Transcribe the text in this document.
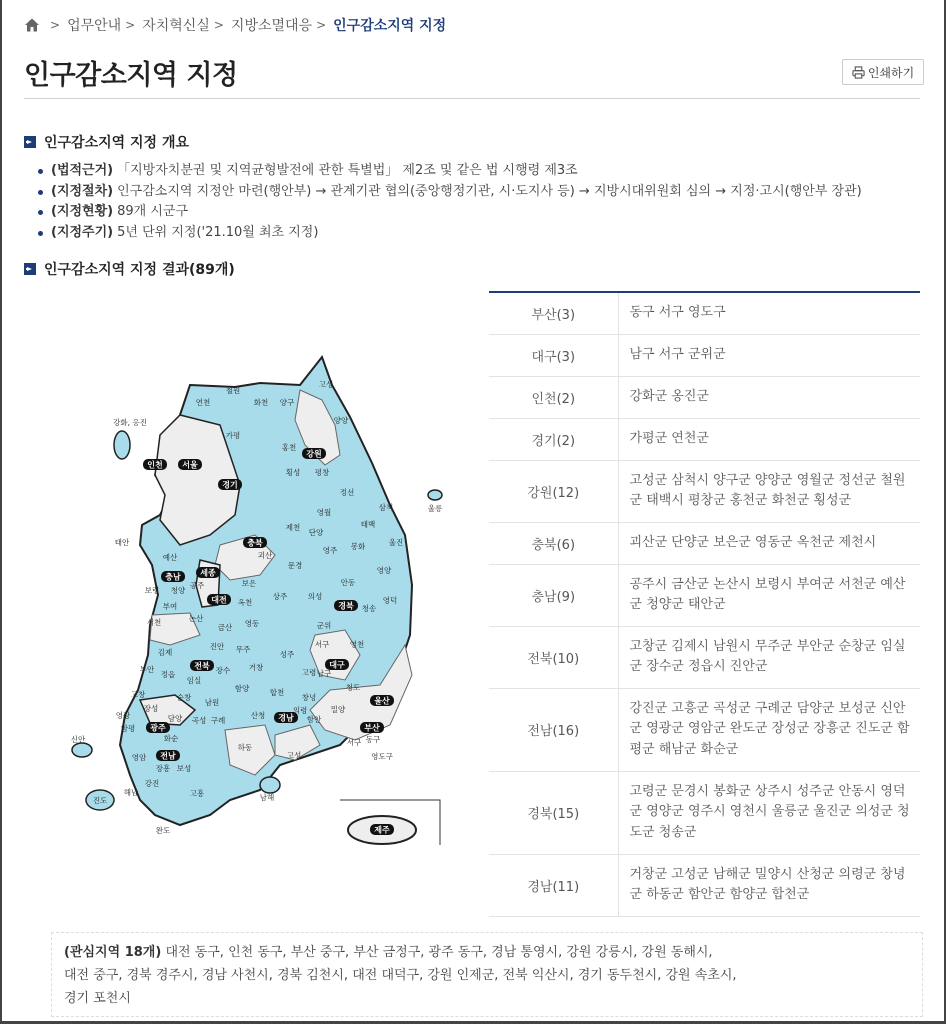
> 업무안내 > 자치혁신실 > 지방소멸대응 > 인구감소지역 지정
인구감소지역 지정	인쇄하기
인구감소지역 지정 개요
(법적근거) 「지방자치분권 및 지역균형발전에 관한 특별법」 제2조 및 같은 법 시행령 제3조
(지정절차) 인구감소지역 지정안 마련(행안부) → 관계기관 협의(중앙행정기관, 시·도지사 등) → 지방시대위원회 심의 → 지정·고시(행안부 장관)
(지정현황) 89개 시군구
(지정주기) 5년 단위 지정('21.10월 최초 지정)
인구감소지역 지정 결과(89개)
인천 서울
경기
강원
충북
세종
충남
대전
경북
대구
전북
광주
전남
경남
울산
부산
제주
강화, 옹진
연천
철원
화천 양구
고성
양양
가평
홍천
횡성 평창
정선
영월
삼척
태백
울릉
제천
단양
영주 봉화	울진
괴산
문경
영양
태안
예산
청양
공주
보령
부여
논산
서천
보은
옥천
영동
금산
상주	의성
안동
청송
영덕
군위
영천
무주
진안
김제
부안
정읍
임실
장수
고창	순창
남원
성주
고령
서구
남구
거창
함양	합천
창녕
청도
밀양
산청
의령
함안
영광
장성
담양
함평
곡성 구례
화순
하동
신안
영암
장흥 보성
강진
해남
진도
고흥
완도
남해
고성
서구 동구
영도구
부산(3)	동구 서구 영도구
대구(3)	남구 서구 군위군
인천(2)	강화군 옹진군
경기(2)	가평군 연천군
강원(12)	고성군 삼척시 양구군 양양군 영월군 정선군 철원군 태백시 평창군 홍천군 화천군 횡성군
충북(6)	괴산군 단양군 보은군 영동군 옥천군 제천시
충남(9)	공주시 금산군 논산시 보령시 부여군 서천군 예산군 청양군 태안군
전북(10)	고창군 김제시 남원시 무주군 부안군 순창군 임실군 장수군 정읍시 진안군
전남(16)	강진군 고흥군 곡성군 구례군 담양군 보성군 신안군 영광군 영암군 완도군 장성군 장흥군 진도군 함평군 해남군 화순군
경북(15)	고령군 문경시 봉화군 상주시 성주군 안동시 영덕군 영양군 영주시 영천시 울릉군 울진군 의성군 청도군 청송군
경남(11)	거창군 고성군 남해군 밀양시 산청군 의령군 창녕군 하동군 함안군 함양군 합천군
(관심지역 18개) 대전 동구, 인천 동구, 부산 중구, 부산 금정구, 광주 동구, 경남 통영시, 강원 강릉시, 강원 동해시,
대전 중구, 경북 경주시, 경남 사천시, 경북 김천시, 대전 대덕구, 강원 인제군, 전북 익산시, 경기 동두천시, 강원 속초시,
경기 포천시
